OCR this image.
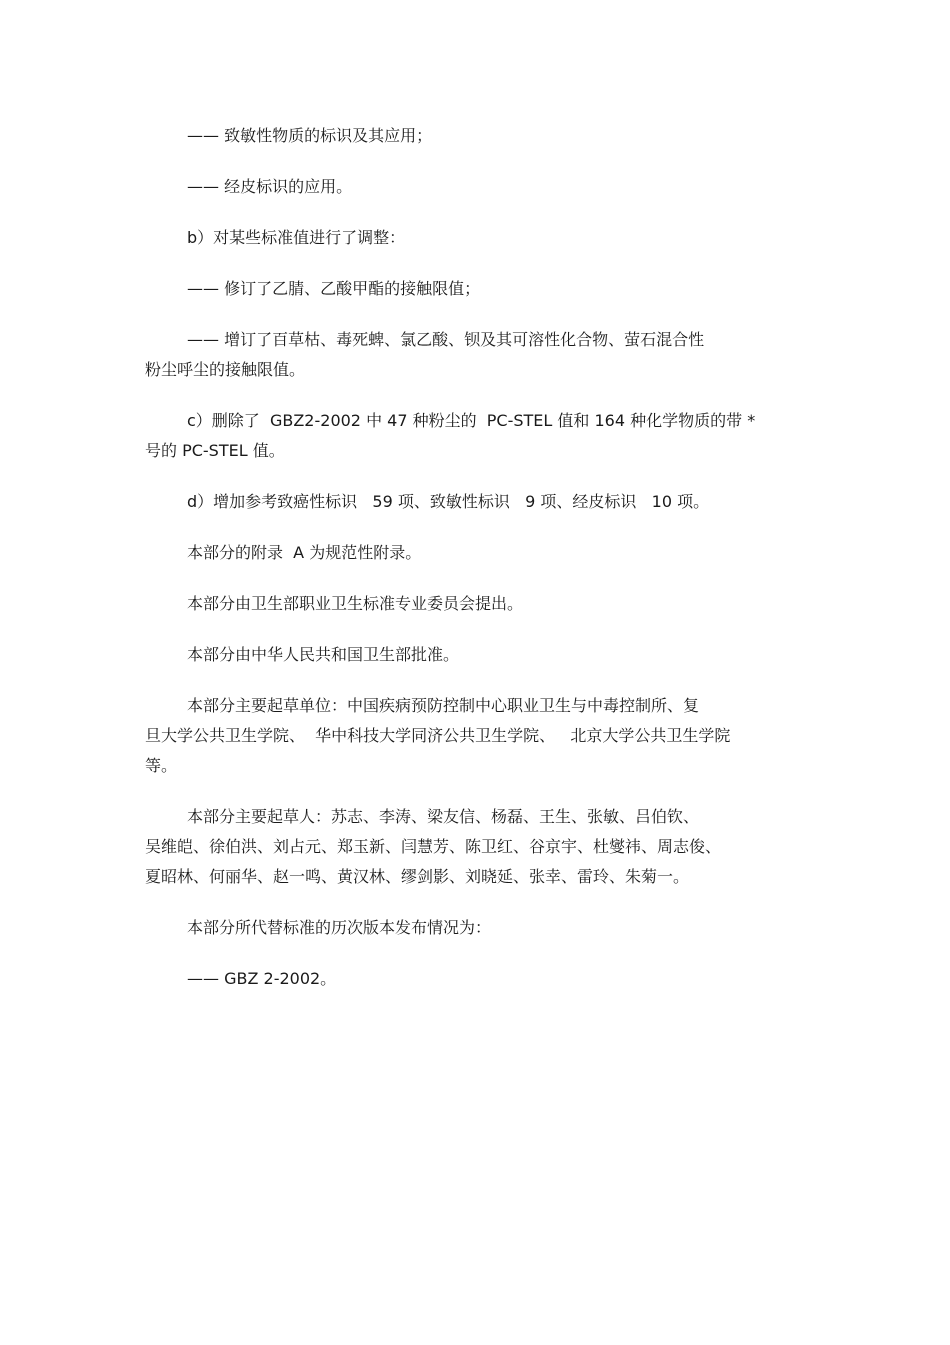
—— 致敏性物质的标识及其应用；

—— 经皮标识的应用。

b）对某些标准值进行了调整：

—— 修订了乙腈、乙酸甲酯的接触限值；

—— 增订了百草枯、毒死蜱、氯乙酸、钡及其可溶性化合物、萤石混合性
粉尘呼尘的接触限值。

c）删除了  GBZ2-2002 中 47 种粉尘的  PC-STEL 值和 164 种化学物质的带 *
号的 PC-STEL 值。

d）增加参考致癌性标识   59 项、致敏性标识   9 项、经皮标识   10 项。

本部分的附录  A 为规范性附录。

本部分由卫生部职业卫生标准专业委员会提出。

本部分由中华人民共和国卫生部批准。

本部分主要起草单位：中国疾病预防控制中心职业卫生与中毒控制所、复
旦大学公共卫生学院、  华中科技大学同济公共卫生学院、   北京大学公共卫生学院
等。

本部分主要起草人：苏志、李涛、梁友信、杨磊、王生、张敏、吕伯钦、
吴维皑、徐伯洪、刘占元、郑玉新、闫慧芳、陈卫红、谷京宇、杜燮祎、周志俊、
夏昭林、何丽华、赵一鸣、黄汉林、缪剑影、刘晓延、张幸、雷玲、朱菊一。

本部分所代替标准的历次版本发布情况为：

—— GBZ 2-2002。
